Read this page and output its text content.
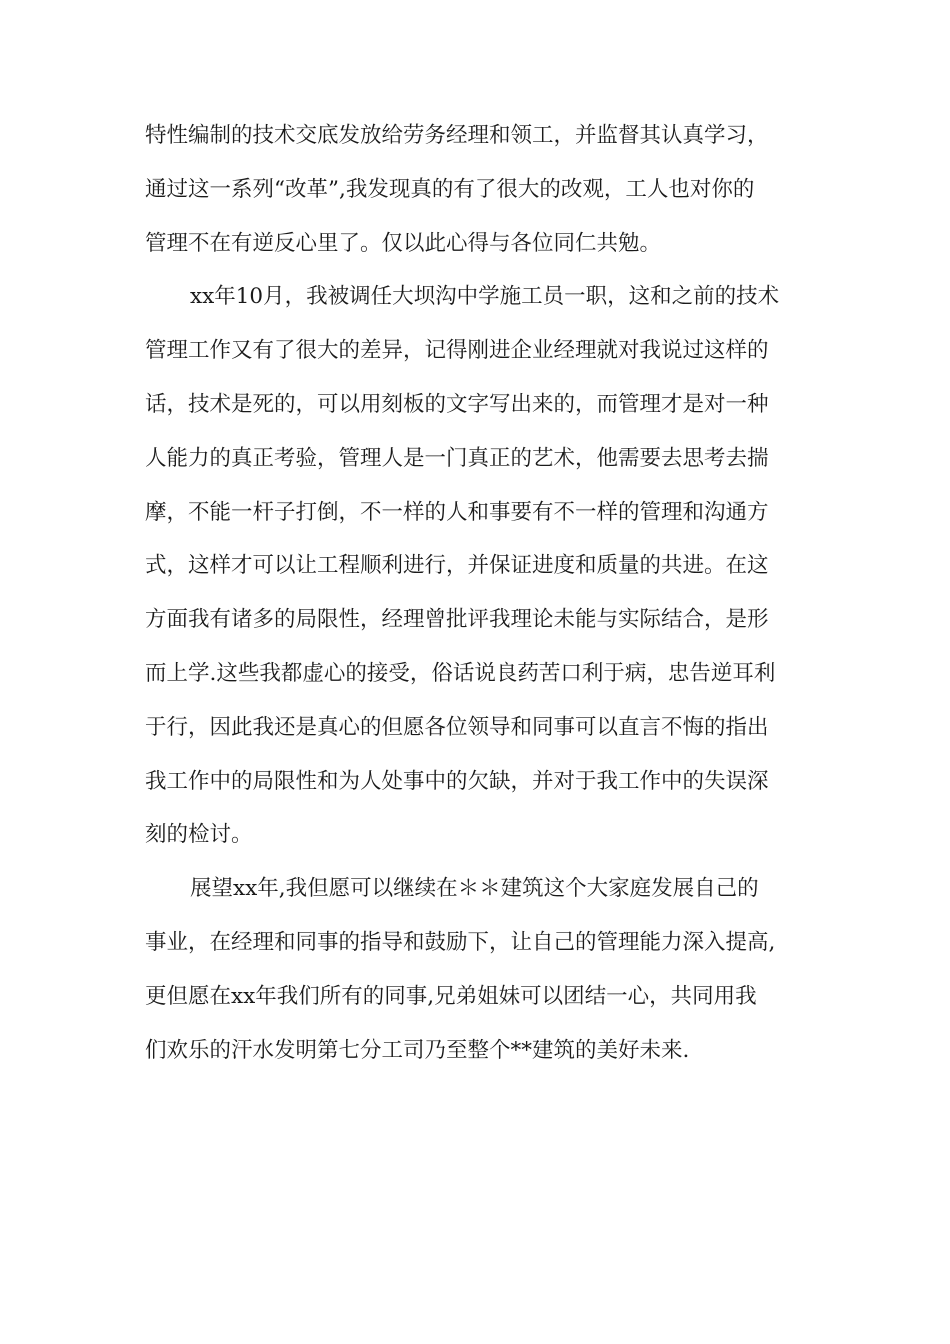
特性编制的技术交底发放给劳务经理和领工，并监督其认真学习，
通过这一系列“改革”,我发现真的有了很大的改观，工人也对你的
管理不在有逆反心里了。仅以此心得与各位同仁共勉。
xx年10月，我被调任大坝沟中学施工员一职，这和之前的技术
管理工作又有了很大的差异，记得刚进企业经理就对我说过这样的
话，技术是死的，可以用刻板的文字写出来的，而管理才是对一种
人能力的真正考验，管理人是一门真正的艺术，他需要去思考去揣
摩，不能一杆子打倒，不一样的人和事要有不一样的管理和沟通方
式，这样才可以让工程顺利进行，并保证进度和质量的共进。在这
方面我有诸多的局限性，经理曾批评我理论未能与实际结合，是形
而上学.这些我都虚心的接受，俗话说良药苦口利于病，忠告逆耳利
于行，因此我还是真心的但愿各位领导和同事可以直言不悔的指出
我工作中的局限性和为人处事中的欠缺，并对于我工作中的失误深
刻的检讨。
展望xx年,我但愿可以继续在＊＊建筑这个大家庭发展自己的
事业，在经理和同事的指导和鼓励下，让自己的管理能力深入提高,
更但愿在xx年我们所有的同事,兄弟姐妹可以团结一心，共同用我
们欢乐的汗水发明第七分工司乃至整个**建筑的美好未来.
